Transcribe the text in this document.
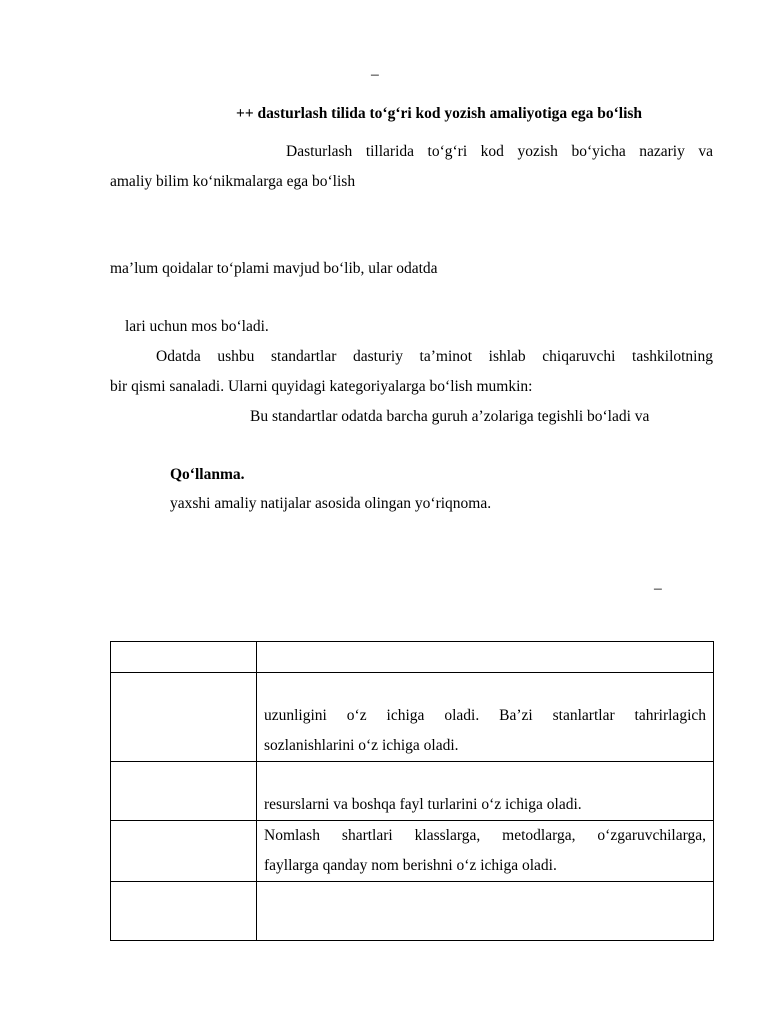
–
++ dasturlash tilida to‘g‘ri kod yozish amaliyotiga ega bo‘lish
Dasturlash tillarida to‘g‘ri kod yozish bo‘yicha nazariy va
amaliy bilim ko‘nikmalarga ega bo‘lish
ma’lum qoidalar to‘plami mavjud bo‘lib, ular odatda
lari uchun mos bo‘ladi.
Odatda ushbu standartlar dasturiy ta’minot ishlab chiqaruvchi tashkilotning
bir qismi sanaladi. Ularni quyidagi kategoriyalarga bo‘lish mumkin:
Bu standartlar odatda barcha guruh a’zolariga tegishli bo‘ladi va
Qo‘llanma.
yaxshi amaliy natijalar asosida olingan yo‘riqnoma.
–

	uzunligini o‘z ichiga oladi. Ba’zi stanlartlar tahrirlagich
sozlanishlarini o‘z ichiga oladi.

	resurslarni va boshqa fayl turlarini o‘z ichiga oladi.

	Nomlash shartlari klasslarga, metodlarga, o‘zgaruvchilarga,
fayllarga qanday nom berishni o‘z ichiga oladi.
